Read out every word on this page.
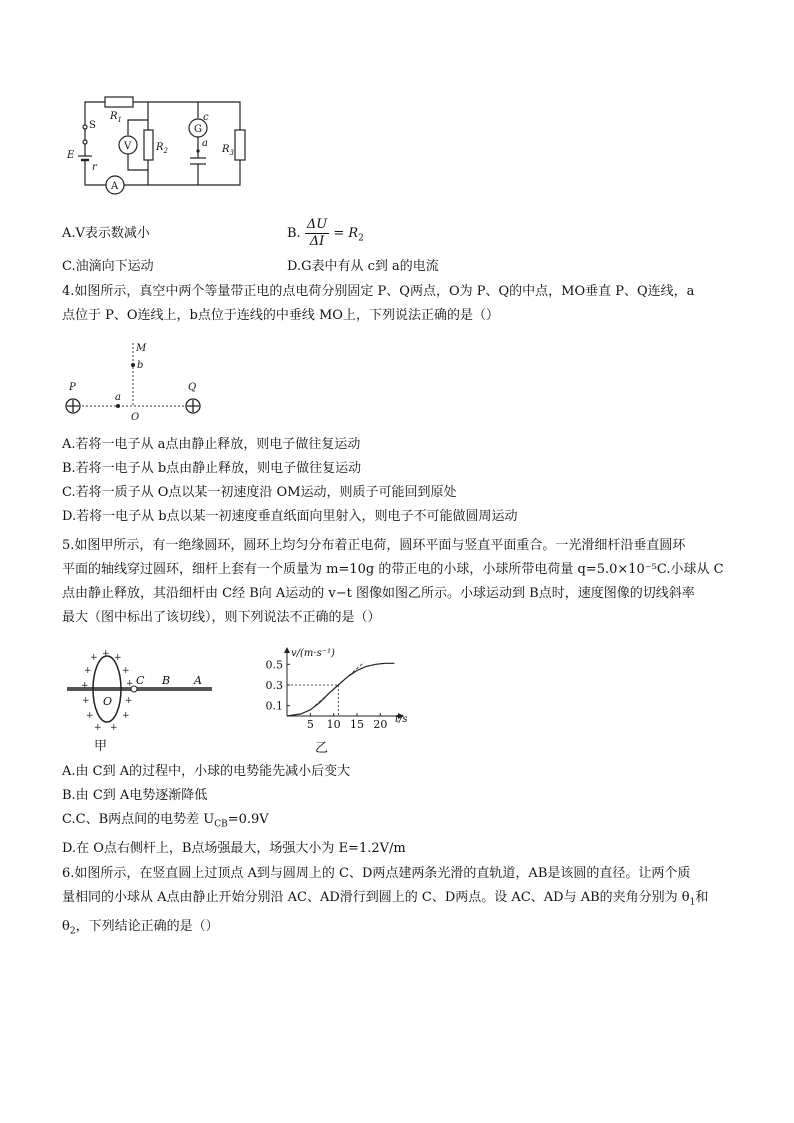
$R_1$
S
E
r
V $R_2$
G
c
a
$R_3$
A
A.V表示数减小	B. $\frac{\Delta U}{\Delta I} = R_2$
C.油滴向下运动	D.G表中有从 c到 a的电流
4.如图所示，真空中两个等量带正电的点电荷分别固定 P、Q两点，O为 P、Q的中点，MO垂直 P、Q连线，a
点位于 P、O连线上，b点位于连线的中垂线 MO上，下列说法正确的是（）
M
b
P	Q
a
O
A.若将一电子从 a点由静止释放，则电子做往复运动
B.若将一电子从 b点由静止释放，则电子做往复运动
C.若将一质子从 O点以某一初速度沿 OM运动，则质子可能回到原处
D.若将一电子从 b点以某一初速度垂直纸面向里射入，则电子不可能做圆周运动
5.如图甲所示，有一绝缘圆环，圆环上均匀分布着正电荷，圆环平面与竖直平面重合。一光滑细杆沿垂直圆环
平面的轴线穿过圆环，细杆上套有一个质量为 m=10g 的带正电的小球，小球所带电荷量 q=5.0×10⁻⁵C.小球从 C
点由静止释放，其沿细杆由 C经 B向 A运动的 v−t 图像如图乙所示。小球运动到 B点时，速度图像的切线斜率
最大（图中标出了该切线），则下列说法不正确的是（）
+ + +
+	+
+	+
+	+
+	+
+ +
C B A
O
甲
v/(m·s⁻¹)
t/s
0.1
0.3
0.5
5 10 15 20
乙
A.由 C到 A的过程中，小球的电势能先减小后变大
B.由 C到 A电势逐渐降低
C.C、B两点间的电势差 $U_{CB}=0.9V$
D.在 O点右侧杆上，B点场强最大，场强大小为 E=1.2V/m
6.如图所示，在竖直圆上过顶点 A到与圆周上的 C、D两点建两条光滑的直轨道，AB是该圆的直径。让两个质
量相同的小球从 A点由静止开始分别沿 AC、AD滑行到圆上的 C、D两点。设 AC、AD与 AB的夹角分别为 $\theta_1$和
$\theta_2$，下列结论正确的是（）
